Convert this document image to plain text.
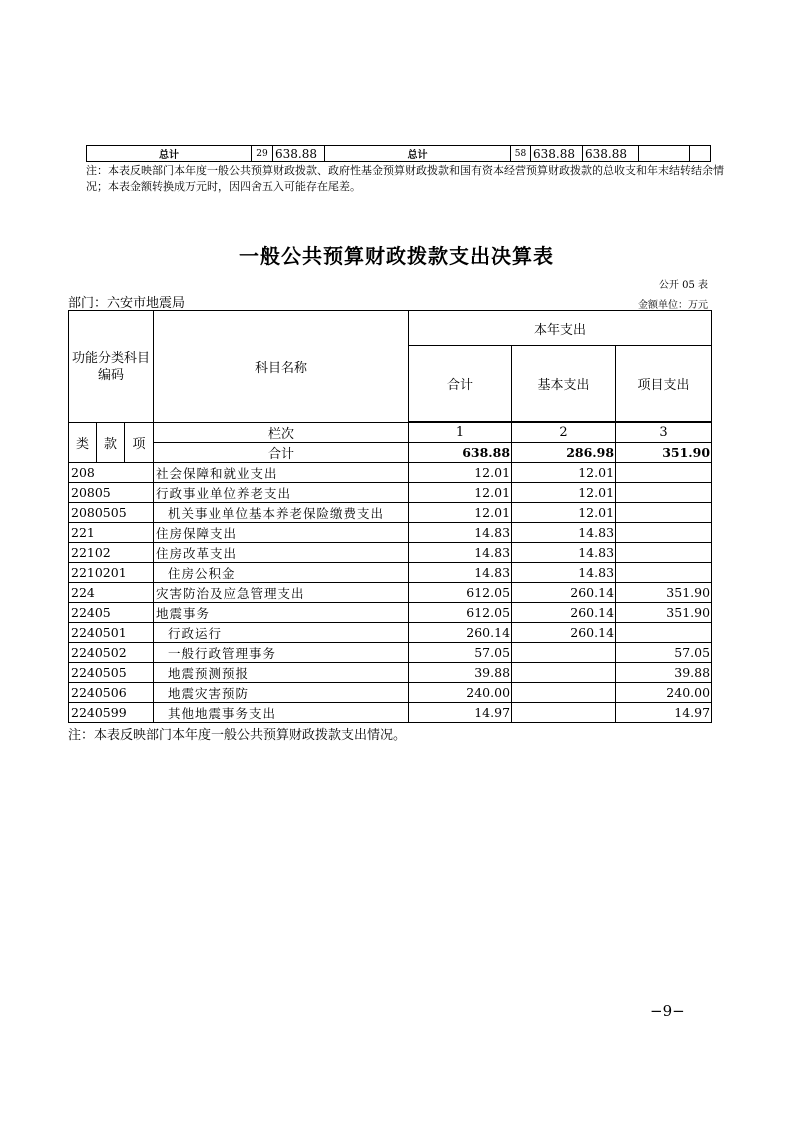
总计	29	638.88	总计	58	638.88	638.88		
注：本表反映部门本年度一般公共预算财政拨款、政府性基金预算财政拨款和国有资本经营预算财政拨款的总收支和年末结转结余情况；本表金额转换成万元时，因四舍五入可能存在尾差。
一般公共预算财政拨款支出决算表
公开 05 表
部门：六安市地震局	金额单位：万元
功能分类科目编码			科目名称	本年支出		
				合计	基本支出	项目支出

类	款	项	栏次	1	2	3
			合计	638.88	286.98	351.90
208			社会保障和就业支出	12.01	12.01	
20805			行政事业单位养老支出	12.01	12.01	
2080505			机关事业单位基本养老保险缴费支出	12.01	12.01	
221			住房保障支出	14.83	14.83	
22102			住房改革支出	14.83	14.83	
2210201			住房公积金	14.83	14.83	
224			灾害防治及应急管理支出	612.05	260.14	351.90
22405			地震事务	612.05	260.14	351.90
2240501			行政运行	260.14	260.14	
2240502			一般行政管理事务	57.05		57.05
2240505			地震预测预报	39.88		39.88
2240506			地震灾害预防	240.00		240.00
2240599			其他地震事务支出	14.97		14.97
注：本表反映部门本年度一般公共预算财政拨款支出情况。
−9−
